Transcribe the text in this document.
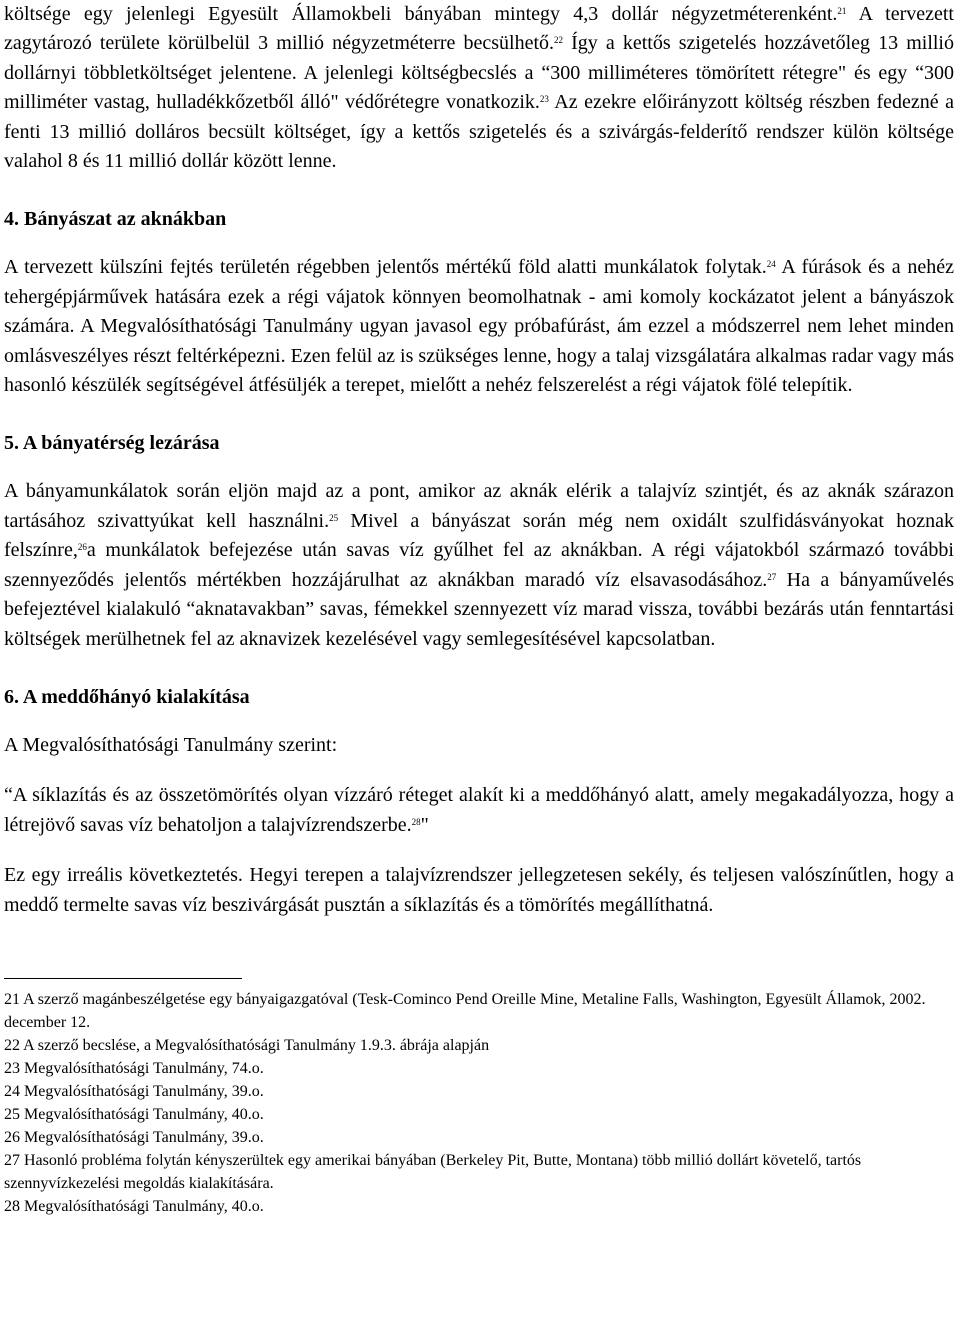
költsége egy jelenlegi Egyesült Államokbeli bányában mintegy 4,3 dollár négyzetméterenként.$^{21}$ A tervezett zagytározó területe körülbelül 3 millió négyzetméterre becsülhető.$^{22}$ Így a kettős szigetelés hozzávetőleg 13 millió dollárnyi többletköltséget jelentene. A jelenlegi költségbecslés a “300 milliméteres tömörített rétegre" és egy “300 milliméter vastag, hulladékkőzetből álló" védőrétegre vonatkozik.$^{23}$ Az ezekre előirányzott költség részben fedezné a fenti 13 millió dolláros becsült költséget, így a kettős szigetelés és a szivárgás-felderítő rendszer külön költsége valahol 8 és 11 millió dollár között lenne.

4. Bányászat az aknákban

A tervezett külszíni fejtés területén régebben jelentős mértékű föld alatti munkálatok folytak.$^{24}$ A fúrások és a nehéz tehergépjárművek hatására ezek a régi vájatok könnyen beomolhatnak - ami komoly kockázatot jelent a bányászok számára. A Megvalósíthatósági Tanulmány ugyan javasol egy próbafúrást, ám ezzel a módszerrel nem lehet minden omlásveszélyes részt feltérképezni. Ezen felül az is szükséges lenne, hogy a talaj vizsgálatára alkalmas radar vagy más hasonló készülék segítségével átfésüljék a terepet, mielőtt a nehéz felszerelést a régi vájatok fölé telepítik.

5. A bányatérség lezárása

A bányamunkálatok során eljön majd az a pont, amikor az aknák elérik a talajvíz szintjét, és az aknák szárazon tartásához szivattyúkat kell használni.$^{25}$ Mivel a bányászat során még nem oxidált szulfidásványokat hoznak felszínre,$^{26}$a munkálatok befejezése után savas víz gyűlhet fel az aknákban. A régi vájatokból származó további szennyeződés jelentős mértékben hozzájárulhat az aknákban maradó víz elsavasodásához.$^{27}$ Ha a bányaművelés befejeztével kialakuló “aknatavakban” savas, fémekkel szennyezett víz marad vissza, további bezárás után fenntartási költségek merülhetnek fel az aknavizek kezelésével vagy semlegesítésével kapcsolatban.

6. A meddőhányó kialakítása

A Megvalósíthatósági Tanulmány szerint:

“A síklazítás és az összetömörítés olyan vízzáró réteget alakít ki a meddőhányó alatt, amely megakadályozza, hogy a létrejövő savas víz behatoljon a talajvízrendszerbe.$^{28}$"

Ez egy irreális következtetés. Hegyi terepen a talajvízrendszer jellegzetesen sekély, és teljesen valószínűtlen, hogy a meddő termelte savas víz beszivárgását pusztán a síklazítás és a tömörítés megállíthatná.

21 A szerző magánbeszélgetése egy bányaigazgatóval (Tesk-Cominco Pend Oreille Mine, Metaline Falls, Washington, Egyesült Államok, 2002. december 12.

22 A szerző becslése, a Megvalósíthatósági Tanulmány 1.9.3. ábrája alapján

23 Megvalósíthatósági Tanulmány, 74.o.

24 Megvalósíthatósági Tanulmány, 39.o.

25 Megvalósíthatósági Tanulmány, 40.o.

26 Megvalósíthatósági Tanulmány, 39.o.

27 Hasonló probléma folytán kényszerültek egy amerikai bányában (Berkeley Pit, Butte, Montana) több millió dollárt követelő, tartós szennyvízkezelési megoldás kialakítására.

28 Megvalósíthatósági Tanulmány, 40.o.
